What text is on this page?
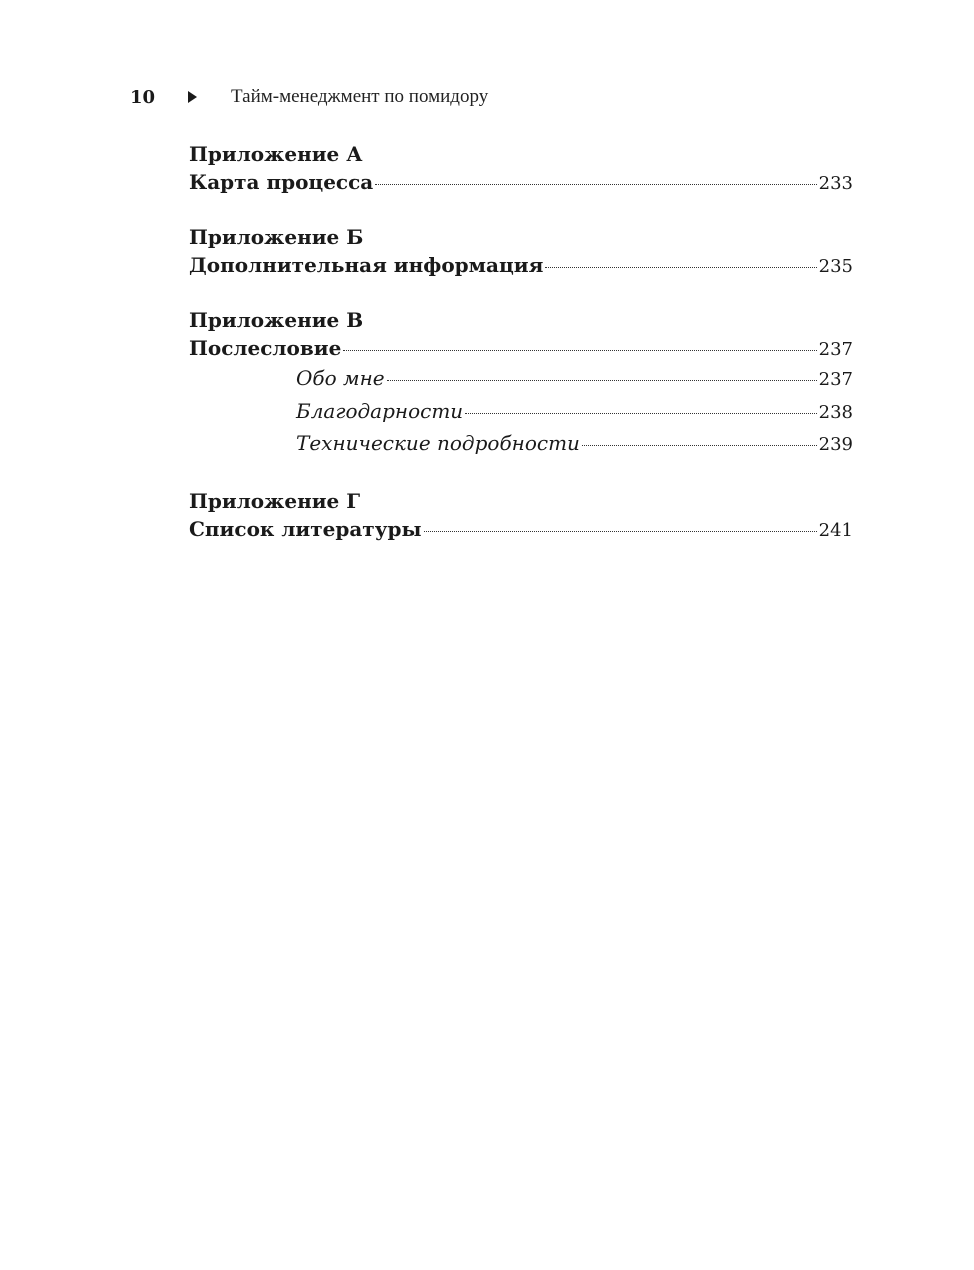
10	Тайм-менеджмент по помидору
Приложение А
Карта процесса	233
Приложение Б
Дополнительная информация	235
Приложение В
Послесловие	237
Обо мне	237
Благодарности	238
Технические подробности	239
Приложение Г
Список литературы	241
